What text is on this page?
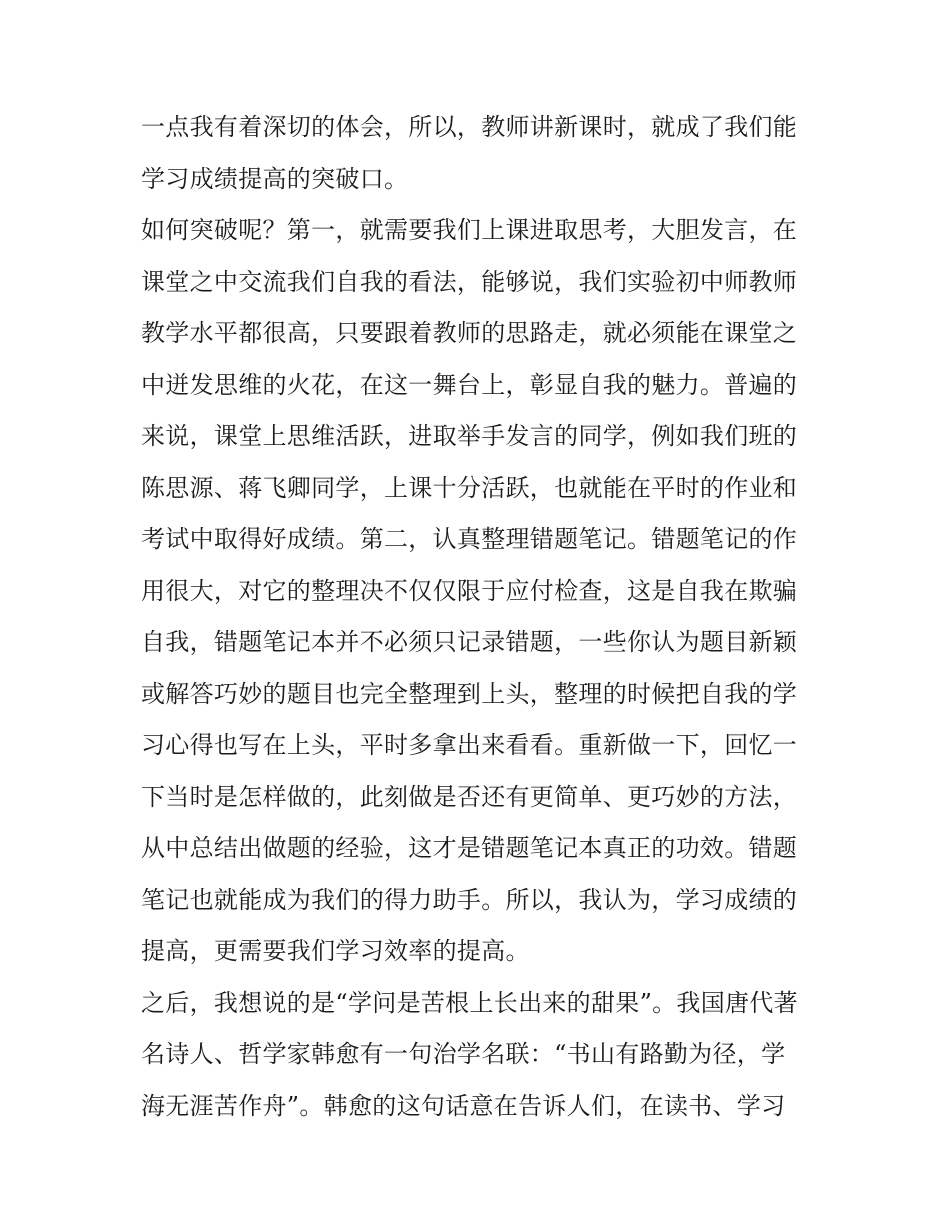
一点我有着深切的体会，所以，教师讲新课时，就成了我们能
学习成绩提高的突破口。
如何突破呢？第一，就需要我们上课进取思考，大胆发言，在
课堂之中交流我们自我的看法，能够说，我们实验初中师教师
教学水平都很高，只要跟着教师的思路走，就必须能在课堂之
中迸发思维的火花，在这一舞台上，彰显自我的魅力。普遍的
来说，课堂上思维活跃，进取举手发言的同学，例如我们班的
陈思源、蒋飞卿同学，上课十分活跃，也就能在平时的作业和
考试中取得好成绩。第二，认真整理错题笔记。错题笔记的作
用很大，对它的整理决不仅仅限于应付检查，这是自我在欺骗
自我，错题笔记本并不必须只记录错题，一些你认为题目新颖
或解答巧妙的题目也完全整理到上头，整理的时候把自我的学
习心得也写在上头，平时多拿出来看看。重新做一下，回忆一
下当时是怎样做的，此刻做是否还有更简单、更巧妙的方法，
从中总结出做题的经验，这才是错题笔记本真正的功效。错题
笔记也就能成为我们的得力助手。所以，我认为，学习成绩的
提高，更需要我们学习效率的提高。
之后，我想说的是“学问是苦根上长出来的甜果”。我国唐代著
名诗人、哲学家韩愈有一句治学名联：“书山有路勤为径，学
海无涯苦作舟”。韩愈的这句话意在告诉人们，在读书、学习
